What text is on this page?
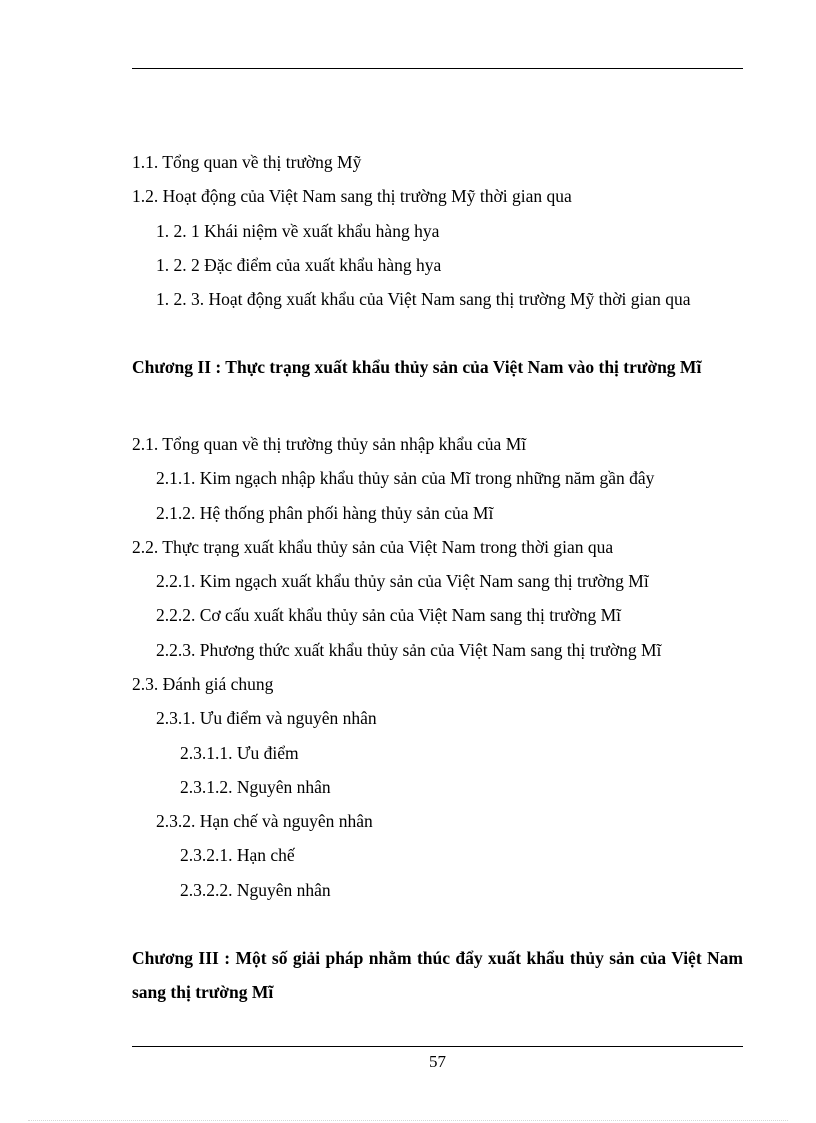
1.1. Tổng quan về thị trường Mỹ
1.2. Hoạt động của Việt Nam sang thị trường Mỹ thời gian qua
1. 2. 1 Khái niệm về xuất khẩu hàng hya
1. 2. 2 Đặc điểm của xuất khẩu hàng hya
1. 2. 3. Hoạt động xuất khẩu của Việt Nam sang thị trường Mỹ thời gian qua
Chương II : Thực trạng xuất khẩu thủy sản của Việt Nam vào thị trường Mĩ
2.1. Tổng quan về thị trường thủy sản nhập khẩu của Mĩ
2.1.1. Kim ngạch nhập khẩu thủy sản của Mĩ trong những năm gần đây
2.1.2. Hệ thống phân phối hàng thủy sản của Mĩ
2.2. Thực trạng xuất khẩu thủy sản của Việt Nam trong thời gian qua
2.2.1. Kim ngạch xuất khẩu thủy sản của Việt Nam sang thị trường Mĩ
2.2.2. Cơ cấu xuất khẩu thủy sản của Việt Nam sang thị trường Mĩ
2.2.3. Phương thức xuất khẩu thủy sản của Việt Nam sang thị trường Mĩ
2.3. Đánh giá chung
2.3.1. Ưu điểm và nguyên nhân
2.3.1.1. Ưu điểm
2.3.1.2. Nguyên nhân
2.3.2. Hạn chế và nguyên nhân
2.3.2.1. Hạn chế
2.3.2.2. Nguyên nhân
Chương III : Một số giải pháp nhằm thúc đẩy xuất khẩu thủy sản của Việt Nam sang thị trường Mĩ
57
